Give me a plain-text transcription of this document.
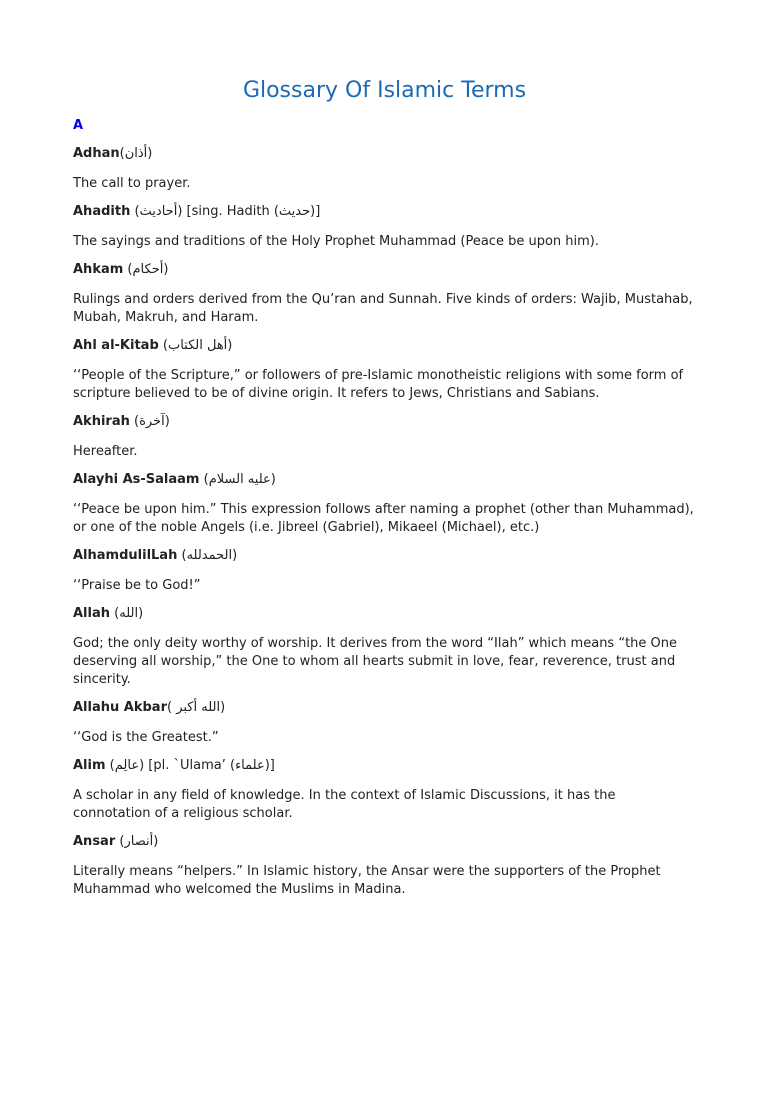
Glossary Of Islamic Terms
A

Adhan(أذان)

The call to prayer.

Ahadith (أحاديث) [sing. Hadith (حديث)]

The sayings and traditions of the Holy Prophet Muhammad (Peace be upon him).

Ahkam (أحكام)

Rulings and orders derived from the Qu’ran and Sunnah. Five kinds of orders: Wajib, Mustahab, Mubah, Makruh, and Haram.

Ahl al-Kitab (أهل الكتاب)

‘‘People of the Scripture,” or followers of pre-Islamic monotheistic religions with some form of scripture believed to be of divine origin. It refers to Jews, Christians and Sabians.

Akhirah (آخرة)

Hereafter.

Alayhi As-Salaam (عليه السلام)

‘‘Peace be upon him.” This expression follows after naming a prophet (other than Muhammad), or one of the noble Angels (i.e. Jibreel (Gabriel), Mikaeel (Michael), etc.)

AlhamdulilLah (الحمدلله)

‘‘Praise be to God!”

Allah (الله)

God; the only deity worthy of worship. It derives from the word “Ilah” which means “the One deserving all worship,” the One to whom all hearts submit in love, fear, reverence, trust and sincerity.

Allahu Akbar( الله أكبر)

‘‘God is the Greatest.”

Alim (عالِم) [pl. `Ulama’ (علماء)]

A scholar in any field of knowledge. In the context of Islamic Discussions, it has the connotation of a religious scholar.

Ansar (أنصار)

Literally means “helpers.” In Islamic history, the Ansar were the supporters of the Prophet Muhammad who welcomed the Muslims in Madina.
